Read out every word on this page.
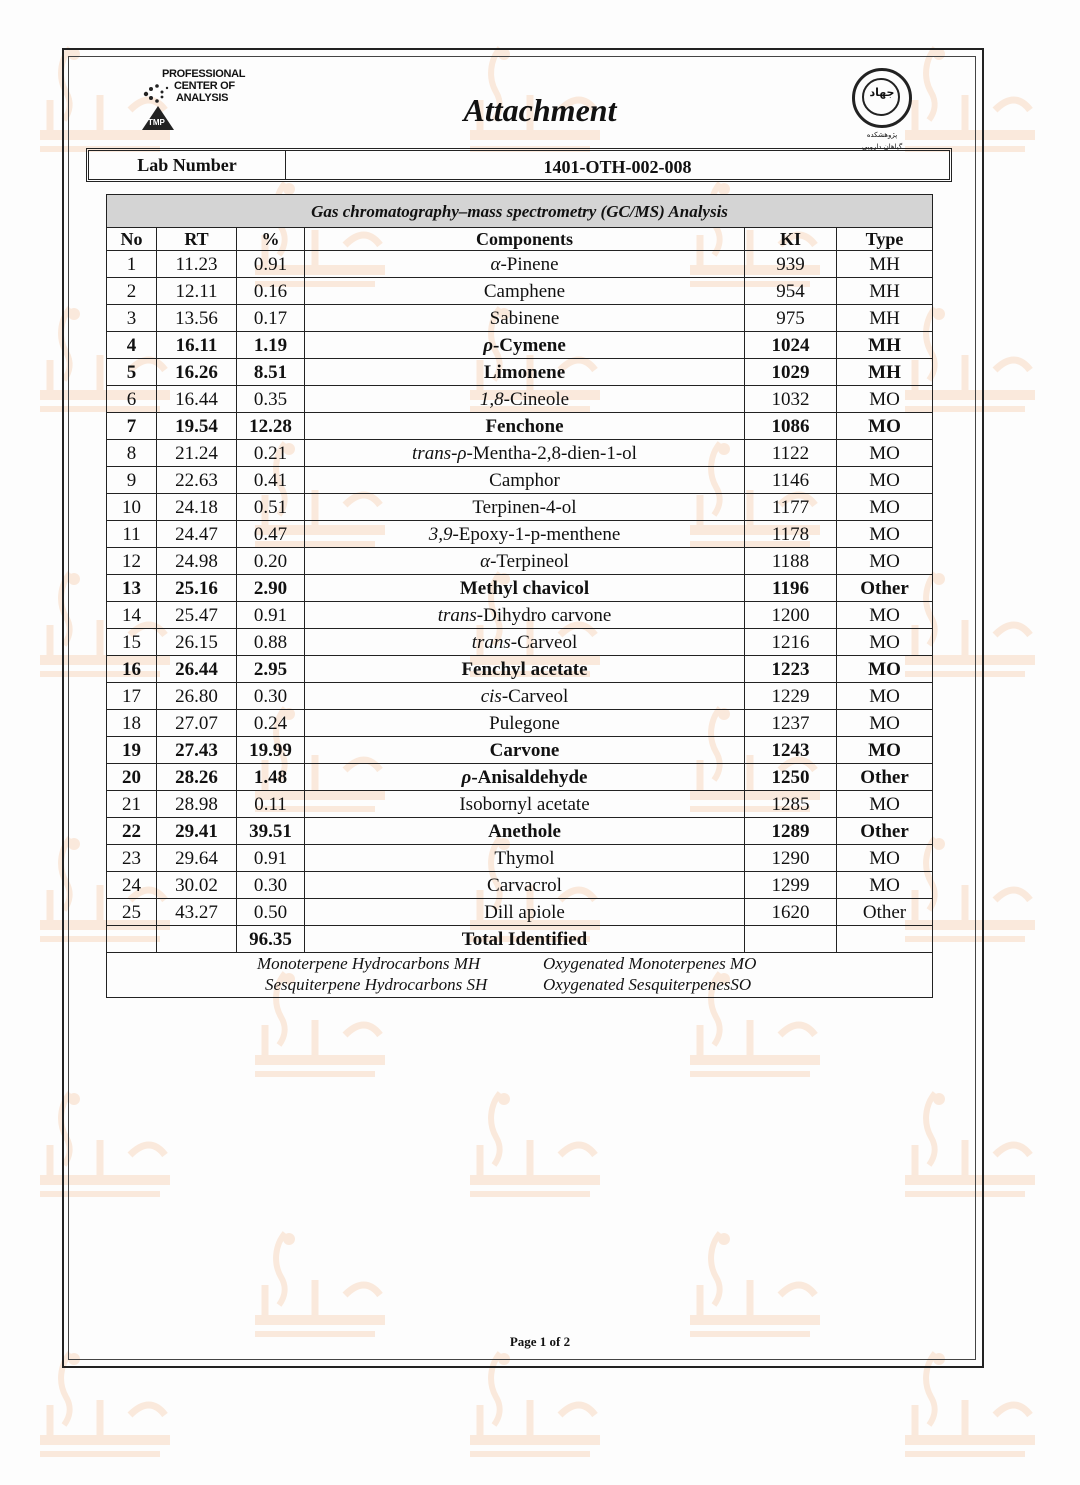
PROFESSIONAL
CENTER OF
ANALYSIS
TMP	Attachment	جهاد
پژوهشکده
گیاهان دارویی
Lab Number	1401-OTH-002-008
Gas chromatography–mass spectrometry (GC/MS) Analysis					
No	RT	%	Components	KI	Type
1	11.23	0.91	α-Pinene	939	MH
2	12.11	0.16	Camphene	954	MH
3	13.56	0.17	Sabinene	975	MH
4	16.11	1.19	ρ-Cymene	1024	MH
5	16.26	8.51	Limonene	1029	MH
6	16.44	0.35	1,8-Cineole	1032	MO
7	19.54	12.28	Fenchone	1086	MO
8	21.24	0.21	trans-ρ-Mentha-2,8-dien-1-ol	1122	MO
9	22.63	0.41	Camphor	1146	MO
10	24.18	0.51	Terpinen-4-ol	1177	MO
11	24.47	0.47	3,9-Epoxy-1-p-menthene	1178	MO
12	24.98	0.20	α-Terpineol	1188	MO
13	25.16	2.90	Methyl chavicol	1196	Other
14	25.47	0.91	trans-Dihydro carvone	1200	MO
15	26.15	0.88	trans-Carveol	1216	MO
16	26.44	2.95	Fenchyl acetate	1223	MO
17	26.80	0.30	cis-Carveol	1229	MO
18	27.07	0.24	Pulegone	1237	MO
19	27.43	19.99	Carvone	1243	MO
20	28.26	1.48	ρ-Anisaldehyde	1250	Other
21	28.98	0.11	Isobornyl acetate	1285	MO
22	29.41	39.51	Anethole	1289	Other
23	29.64	0.91	Thymol	1290	MO
24	30.02	0.30	Carvacrol	1299	MO
25	43.27	0.50	Dill apiole	1620	Other
		96.35	Total Identified		
Monoterpene Hydrocarbons MH Oxygenated Monoterpenes MO
Sesquiterpene Hydrocarbons SH Oxygenated SesquiterpenesSO					
Page 1 of 2
